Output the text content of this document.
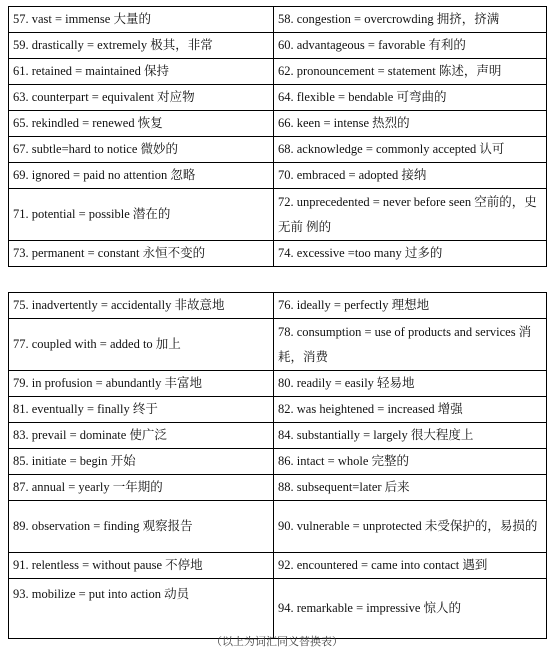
57. vast = immense 大量的	58. congestion = overcrowding 拥挤，挤满
59. drastically = extremely 极其，非常	60. advantageous = favorable 有利的
61. retained = maintained 保持	62. pronouncement = statement 陈述，声明
63. counterpart = equivalent 对应物	64. flexible = bendable 可弯曲的
65. rekindled = renewed 恢复	66. keen = intense 热烈的
67. subtle=hard to notice 微妙的	68. acknowledge = commonly accepted 认可
69. ignored = paid no attention 忽略	70. embraced = adopted 接纳
71. potential = possible 潜在的	72. unprecedented = never before seen 空前的，史无前 例的
73. permanent = constant 永恒不变的	74. excessive =too many 过多的
75. inadvertently = accidentally 非故意地	76. ideally = perfectly 理想地
77. coupled with = added to 加上	78. consumption = use of products and services 消耗，消费
79. in profusion = abundantly 丰富地	80. readily = easily 轻易地
81. eventually = finally 终于	82. was heightened = increased 增强
83. prevail = dominate 使广泛	84. substantially = largely 很大程度上
85. initiate = begin 开始	86. intact = whole 完整的
87. annual = yearly 一年期的	88. subsequent=later 后来
89. observation = finding 观察报告	90. vulnerable = unprotected 未受保护的，易损的
91. relentless = without pause 不停地	92. encountered = came into contact 遇到
93. mobilize = put into action 动员	94. remarkable = impressive 惊人的
（以上为词汇同义替换表）
